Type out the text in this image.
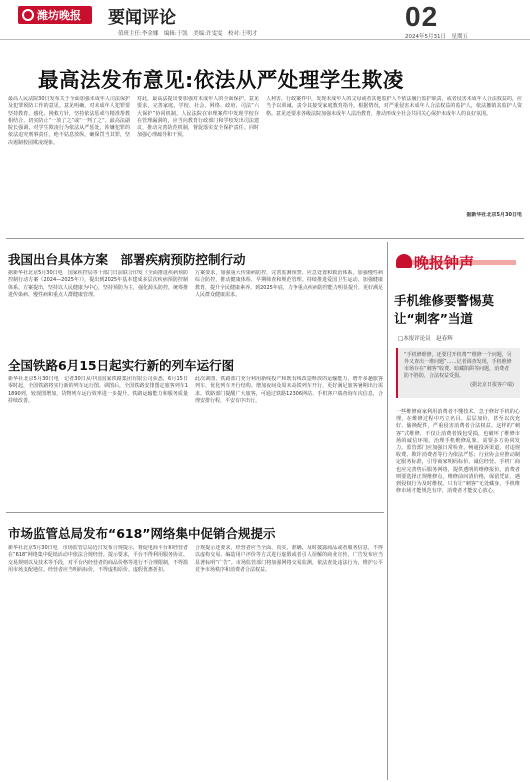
潍坊晚报 要闻评论	02
值班主任:李金娜　编辑:于凯　美编:许雯雯　校对:王明才	2024年5月31日　星期五
最高法发布意见:依法从严处理学生欺凌
最高人民法院30日发布关于全面加强未成年人司法保护及犯罪预防工作的意见。意见明确，对未成年人犯罪要坚持教育、感化、挽救方针，坚持依法惩戒与精准帮教相结合，切实防止“一放了之”或“一判了之”。最高法副院长强调，对学生欺凌行为依法从严惩处，涉嫌犯罪的依法追究刑事责任，绝不姑息放纵，确保罚当其罪，坚决遏制校园欺凌现象。
对此，最高法提出要加强对未成年人的全面保护。意见要求，完善家庭、学校、社会、网络、政府、司法“六大保护”协同机制。人民法院在审理案件中发现学校存在管理漏洞的，应当向教育行政部门和学校发出司法建议，推动完善防范机制，督促落实安全保护责任。同时加强心理疏导和干预。
人利害，行政案件中，发现未成年人的父母或者其他监护人不依法履行监护职责，或者侵害未成年人合法权益的，应当予以训诫，责令其接受家庭教育指导。根据情况，对严重侵害未成年人合法权益的监护人，依法撤销其监护人资格。意见还要求各级法院加强未成年人法治教育，推动形成全社会共同关心保护未成年人的良好氛围。
据新华社北京5月30日电
我国出台具体方案　部署疾病预防控制行动
据新华社北京5月30日电　国家疾控局等十部门日前联合印发《全面推进疾病预防控制行动方案（2024—2025年）》，提出到2025年基本建成多层次疾病预防控制体系。方案提出，坚持以人民健康为中心，坚持预防为主，强化源头防控，统筹推进传染病、慢性病和重点人群健康管理。
方案要求，加强重大传染病防控，完善监测预警、应急处置和救治体系。加强慢性病综合防控，推动健康体检、早期筛查和规范管理。持续推进爱国卫生运动，加强健康教育，提升全民健康素养。到2025年底，力争重点疾病防控能力明显提升，更好满足人民群众健康需求。
全国铁路6月15日起实行新的列车运行图
新华社北京5月30日电　记者30日从中国国家铁路集团有限公司获悉，6月15日零时起，全国铁路将实行新的列车运行图。调图后，全国铁路安排图定旅客列车11890列，较现图增加，货物列车运行效率进一步提升，铁路运输能力和服务质量持续改善。
此次调图，铁路部门充分利用新线投产和既有线改造释放的运输能力，增开多趟旅客列车，优化列车开行结构。增加夜间及周末高铁列车开行，更好满足旅客暑期出行需求。铁路部门提醒广大旅客，可通过铁路12306网站、手机客户端查询车次信息，合理安排行程，平安有序出行。
市场监管总局发布“618”网络集中促销合规提示
新华社北京5月30日电　市场监管总局近日发布合规提示，督促电商平台和经营者在“618”网络集中促销活动中依法合规经营。提示要求，平台不得利用服务协议、交易规则以及技术等手段，对平台内经营者的商品价格等进行不合理限制，不得滥用市场支配地位。经营者应当明码标价，不得虚构原价、虚假优惠折扣。
合规提示还要求，经营者应当全面、真实、准确、及时披露商品或者服务信息，不得以虚构交易、编造用户评价等方式进行虚假或者引人误解的商业宣传。广告发布应当显著标明“广告”。市场监管部门将加强网络交易监测，依法查处违法行为，维护公平竞争市场秩序和消费者合法权益。
晚报钟声
手机维修要警惕莫让“刺客”当道
□本报评论员　赵春辉
“手机修维修，还要付开机费”“维修一个问题，另外又查出一堆问题”……记者调查发现，手机维修市场存在“刺客”收费、暗藏陷阱等问题，消费者防不胜防，合法权益受损。
(据北京日报客户端)
一些维修商家利用消费者不懂技术、急于修好手机的心理，在维修过程中巧立名目、层层加价，甚至以次充好、偷换配件，严重侵害消费者合法权益。这样的“刺客”式维修，不仅让消费者钱包受损，也破坏了维修市场的诚信环境。治理手机维修乱象，需要多方协同发力。监管部门应加强日常检查，畅通投诉渠道，对违规收费、欺诈消费者等行为依法严惩；行业协会应推动制定服务标准，引导商家明码标价、诚信经营。手机厂商也应完善售后服务网络，提供透明的维修报价。消费者则要选择正规维修点，维修前问清价格，保留凭证，遇到侵权行为及时维权。只有让“刺客”无处藏身，手机维修市场才能规范有序，消费者才能安心放心。
